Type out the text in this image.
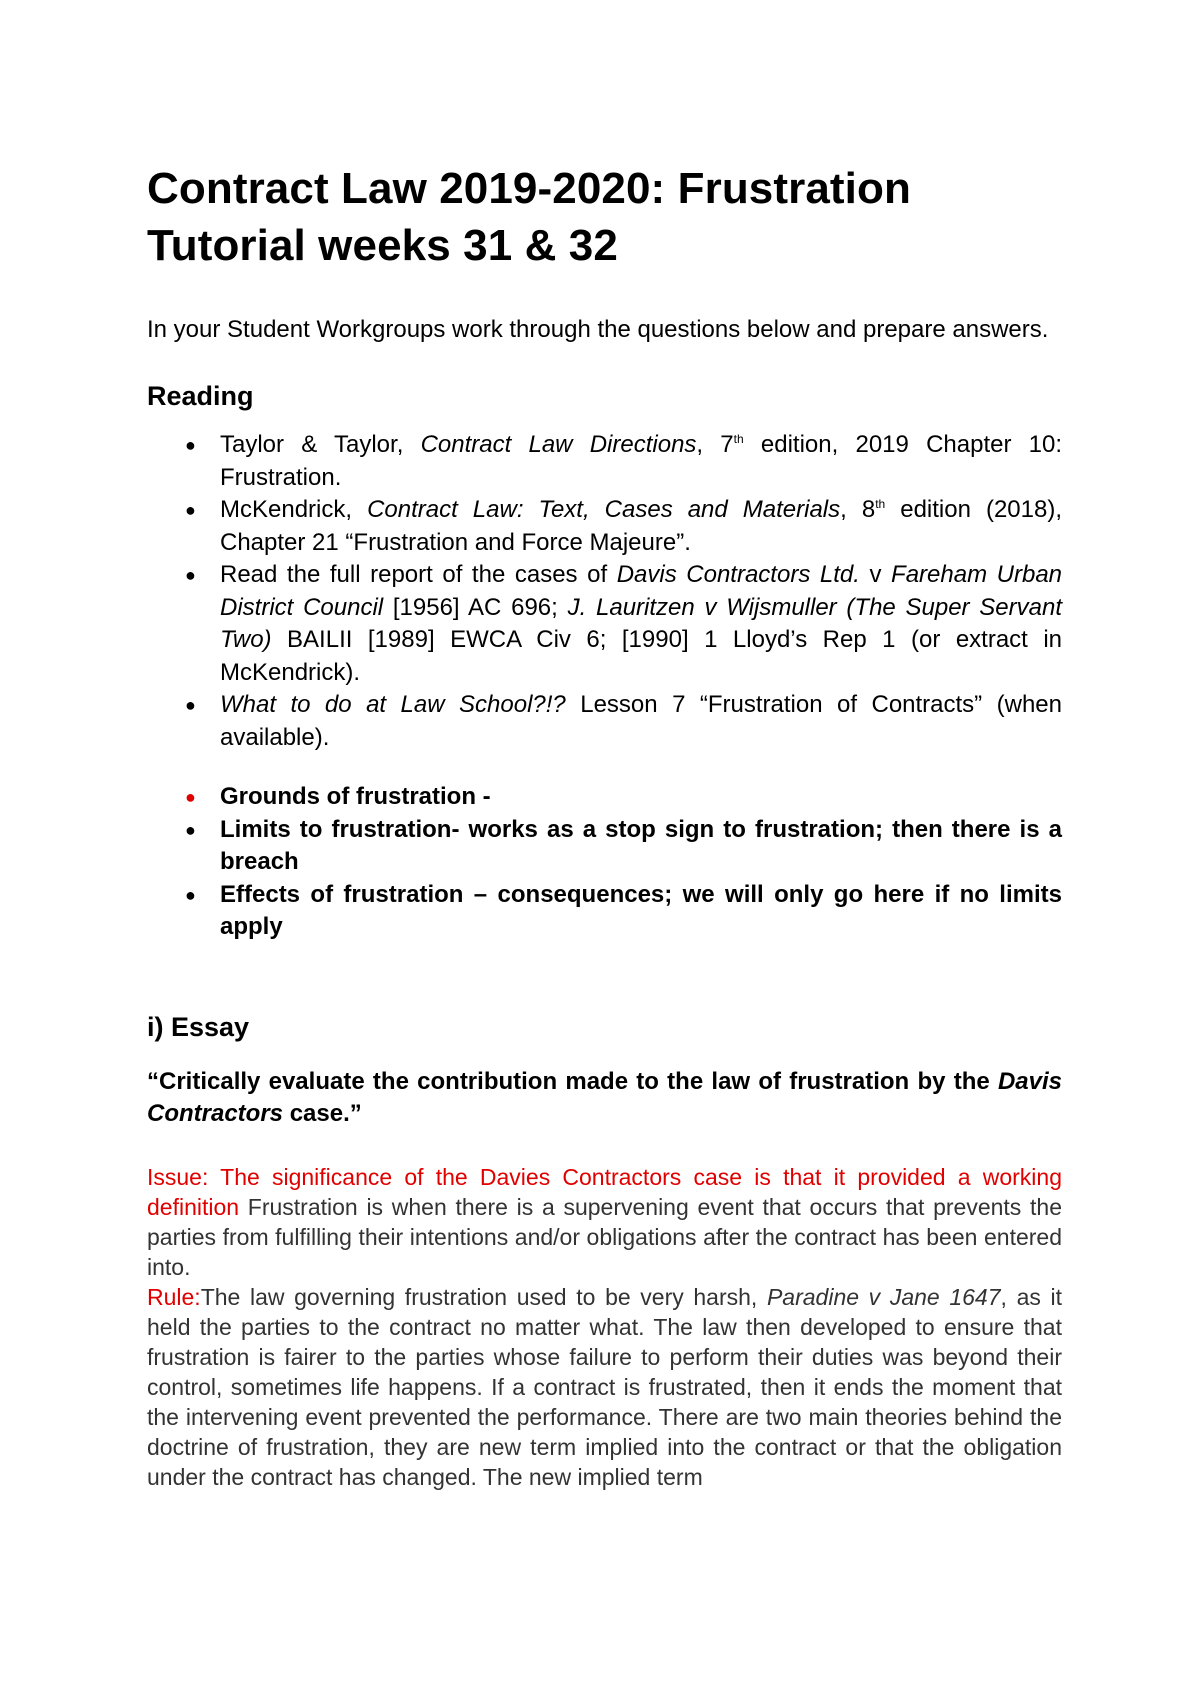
Contract Law 2019-2020: Frustration
Tutorial weeks 31 & 32

In your Student Workgroups work through the questions below and prepare answers.

Reading
● Taylor & Taylor, Contract Law Directions, 7th edition, 2019 Chapter 10: Frustration.
● McKendrick, Contract Law: Text, Cases and Materials, 8th edition (2018), Chapter 21 “Frustration and Force Majeure”.
● Read the full report of the cases of Davis Contractors Ltd. v Fareham Urban District Council [1956] AC 696; J. Lauritzen v Wijsmuller (The Super Servant Two) BAILII [1989] EWCA Civ 6; [1990] 1 Lloyd’s Rep 1 (or extract in McKendrick).
● What to do at Law School?!? Lesson 7 “Frustration of Contracts” (when available).
● Grounds of frustration -
● Limits to frustration- works as a stop sign to frustration; then there is a breach
● Effects of frustration – consequences; we will only go here if no limits apply
i) Essay

“Critically evaluate the contribution made to the law of frustration by the Davis Contractors case.”

Issue: The significance of the Davies Contractors case is that it provided a working definition Frustration is when there is a supervening event that occurs that prevents the parties from fulfilling their intentions and/or obligations after the contract has been entered into.

Rule:The law governing frustration used to be very harsh, Paradine v Jane 1647, as it held the parties to the contract no matter what. The law then developed to ensure that frustration is fairer to the parties whose failure to perform their duties was beyond their control, sometimes life happens. If a contract is frustrated, then it ends the moment that the intervening event prevented the performance. There are two main theories behind the doctrine of frustration, they are new term implied into the contract or that the obligation under the contract has changed. The new implied term
